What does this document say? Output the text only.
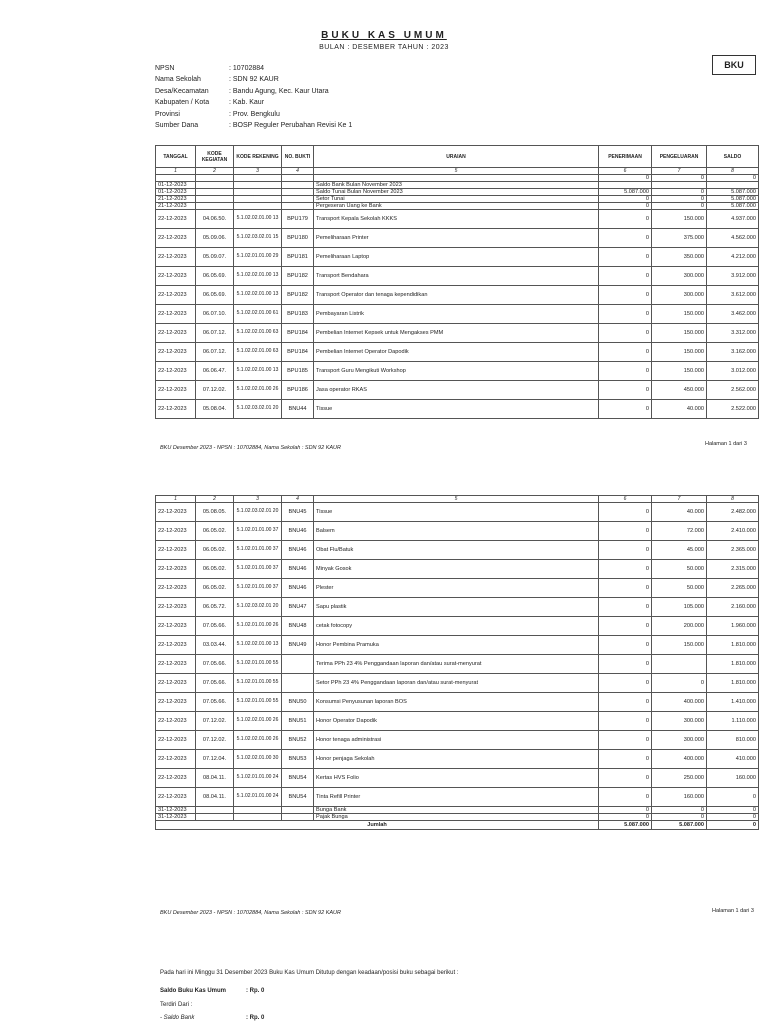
BUKU KAS UMUM
BULAN : DESEMBER TAHUN : 2023
BKU
NPSN	: 10702884
Nama Sekolah	: SDN 92 KAUR
Desa/Kecamatan	: Bandu Agung, Kec. Kaur Utara
Kabupaten / Kota	: Kab. Kaur
Provinsi	: Prov. Bengkulu
Sumber Dana	: BOSP Reguler Perubahan Revisi Ke 1
TANGGAL	KODE KEGIATAN	KODE REKENING	NO. BUKTI	URAIAN	PENERIMAAN	PENGELUARAN	SALDO
1	2	3	4	5	6	7	8
					0	0	0
01-12-2023				Saldo Bank Bulan November 2023			
01-12-2023				Saldo Tunai Bulan November 2023	5.087.000	0	5.087.000
21-12-2023				Setor Tunai	0	0	5.087.000
21-12-2023				Pergeseran Uang ke Bank	0	0	5.087.000
22-12-2023	04.06.50.	5.1.02.02.01.00 13	BPU179	Transport Kepala Sekolah KKKS	0	150.000	4.937.000
22-12-2023	05.09.06.	5.1.02.03.02.01 15	BPU180	Pemeliharaan Printer	0	375.000	4.562.000
22-12-2023	05.09.07.	5.1.02.01.01.00 29	BPU181	Pemeliharaan Laptop	0	350.000	4.212.000
22-12-2023	06.05.69.	5.1.02.02.01.00 13	BPU182	Transport Bendahara	0	300.000	3.912.000
22-12-2023	06.05.69.	5.1.02.02.01.00 13	BPU182	Transport Operator dan tenaga kependidikan	0	300.000	3.612.000
22-12-2023	06.07.10.	5.1.02.02.01.00 61	BPU183	Pembayaran Listrik	0	150.000	3.462.000
22-12-2023	06.07.12.	5.1.02.02.01.00 63	BPU184	Pembelian Internet Kepsek untuk Mengakses PMM	0	150.000	3.312.000
22-12-2023	06.07.12.	5.1.02.02.01.00 63	BPU184	Pembelian Internet Operator Dapodik	0	150.000	3.162.000
22-12-2023	06.06.47.	5.1.02.02.01.00 13	BPU185	Transport Guru Mengikuti Workshop	0	150.000	3.012.000
22-12-2023	07.12.02.	5.1.02.02.01.00 26	BPU186	Jasa operator RKAS	0	450.000	2.562.000
22-12-2023	05.08.04.	5.1.02.03.02.01 20	BNU44	Tissue	0	40.000	2.522.000
BKU Desember 2023 - NPSN : 10702884, Nama Sekolah : SDN 92 KAUR
Halaman 1 dari 3
1	2	3	4	5	6	7	8
22-12-2023	05.08.05.	5.1.02.03.02.01 20	BNU45	Tissue	0	40.000	2.482.000
22-12-2023	06.05.02.	5.1.02.01.01.00 37	BNU46	Balsem	0	72.000	2.410.000
22-12-2023	06.05.02.	5.1.02.01.01.00 37	BNU46	Obat Flu/Batuk	0	45.000	2.365.000
22-12-2023	06.05.02.	5.1.02.01.01.00 37	BNU46	Minyak Gosok	0	50.000	2.315.000
22-12-2023	06.05.02.	5.1.02.01.01.00 37	BNU46	Plester	0	50.000	2.265.000
22-12-2023	06.05.72.	5.1.02.03.02.01 20	BNU47	Sapu plastik	0	105.000	2.160.000
22-12-2023	07.05.66.	5.1.02.01.01.00 26	BNU48	cetak fotocopy	0	200.000	1.960.000
22-12-2023	03.03.44.	5.1.02.02.01.00 13	BNU49	Honor Pembina Pramuka	0	150.000	1.810.000
22-12-2023	07.05.66.	5.1.02.01.01.00 55		Terima PPh 23 4% Penggandaan laporan dan/atau surat-menyurat	0		1.810.000
22-12-2023	07.05.66.	5.1.02.01.01.00 55		Setor PPh 23 4% Penggandaan laporan dan/atau surat-menyurat	0	0	1.810.000
22-12-2023	07.05.66.	5.1.02.01.01.00 55	BNU50	Konsumsi Penyusunan laporan BOS	0	400.000	1.410.000
22-12-2023	07.12.02.	5.1.02.02.01.00 26	BNU51	Honor Operator Dapodik	0	300.000	1.110.000
22-12-2023	07.12.02.	5.1.02.02.01.00 26	BNU52	Honor tenaga administrasi	0	300.000	810.000
22-12-2023	07.12.04.	5.1.02.02.01.00 30	BNU53	Honor penjaga Sekolah	0	400.000	410.000
22-12-2023	08.04.11.	5.1.02.01.01.00 24	BNU54	Kertas HVS Folio	0	250.000	160.000
22-12-2023	08.04.11.	5.1.02.01.01.00 24	BNU54	Tinta Refill Printer	0	160.000	0
31-12-2023				Bunga Bank	0	0	0
31-12-2023				Pajak Bunga	0	0	0
Jumlah					5.087.000	5.087.000	0
BKU Desember 2023 - NPSN : 10702884, Nama Sekolah : SDN 92 KAUR	Halaman 1 dari 3
Pada hari ini Minggu 31 Desember 2023 Buku Kas Umum Ditutup dengan keadaan/posisi buku sebagai berikut :
Saldo Buku Kas Umum	: Rp. 0
Terdiri Dari :
- Saldo Bank	: Rp. 0
